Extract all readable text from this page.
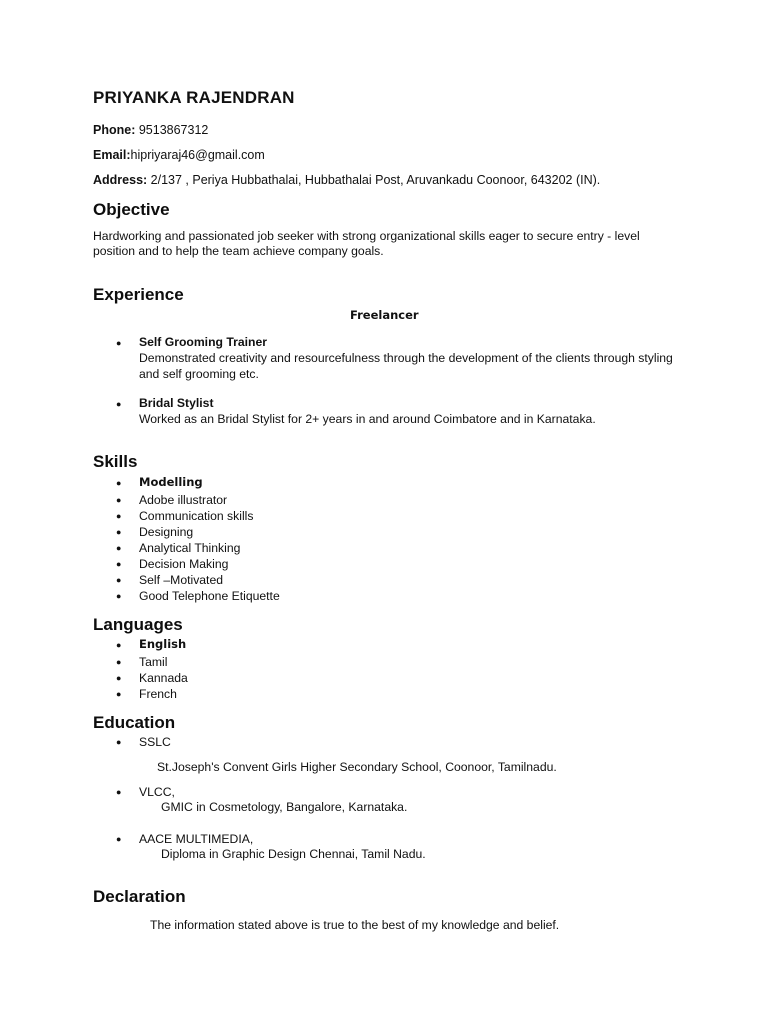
PRIYANKA RAJENDRAN
Phone: 9513867312
Email:hipriyaraj46@gmail.com
Address: 2/137 , Periya Hubbathalai, Hubbathalai Post, Aruvankadu Coonoor, 643202 (IN).
Objective
Hardworking and passionated job seeker with strong organizational skills eager to secure entry - level position and to help the team achieve company goals.
Experience
Freelancer
● Self Grooming Trainer
Demonstrated creativity and resourcefulness through the development of the clients through styling and self grooming etc.
● Bridal Stylist
Worked as an Bridal Stylist for 2+ years in and around Coimbatore and in Karnataka.
Skills
● Modelling
● Adobe illustrator
● Communication skills
● Designing
● Analytical Thinking
● Decision Making
● Self –Motivated
● Good Telephone Etiquette
Languages
● English
● Tamil
● Kannada
● French
Education
● SSLC
St.Joseph's Convent Girls Higher Secondary School, Coonoor, Tamilnadu.
● VLCC,
GMIC in Cosmetology, Bangalore, Karnataka.
● AACE MULTIMEDIA,
Diploma in Graphic Design Chennai, Tamil Nadu.
Declaration
The information stated above is true to the best of my knowledge and belief.
